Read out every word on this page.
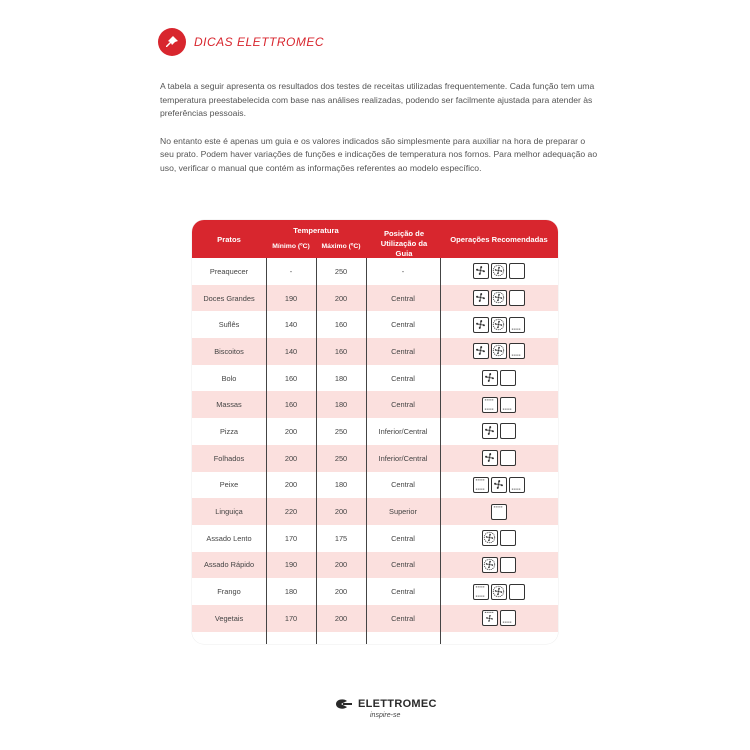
DICAS ELETTROMEC

A tabela a seguir apresenta os resultados dos testes de receitas utilizadas frequentemente. Cada função tem uma temperatura preestabelecida com base nas análises realizadas, podendo ser facilmente ajustada para atender às preferências pessoais.

No entanto este é apenas um guia e os valores indicados são simplesmente para auxiliar na hora de preparar o seu prato. Podem haver variações de funções e indicações de temperatura nos fornos. Para melhor adequação ao uso, verificar o manual que contém as informações referentes ao modelo específico.

Pratos
Temperatura
Mínimo (ºC)	Máximo (ºC)
Posição de Utilização da Guia
Operações Recomendadas
Preaquecer	-	250	-
Doces Grandes	190	200	Central
Suflês	140	160	Central
Biscoitos	140	160	Central
Bolo	160	180	Central
Massas	160	180	Central
Pizza	200	250	Inferior/Central
Folhados	200	250	Inferior/Central
Peixe	200	180	Central
Linguiça	220	200	Superior
Assado Lento	170	175	Central
Assado Rápido	190	200	Central
Frango	180	200	Central
Vegetais	170	200	Central
ELETTROMEC
inspire-se
